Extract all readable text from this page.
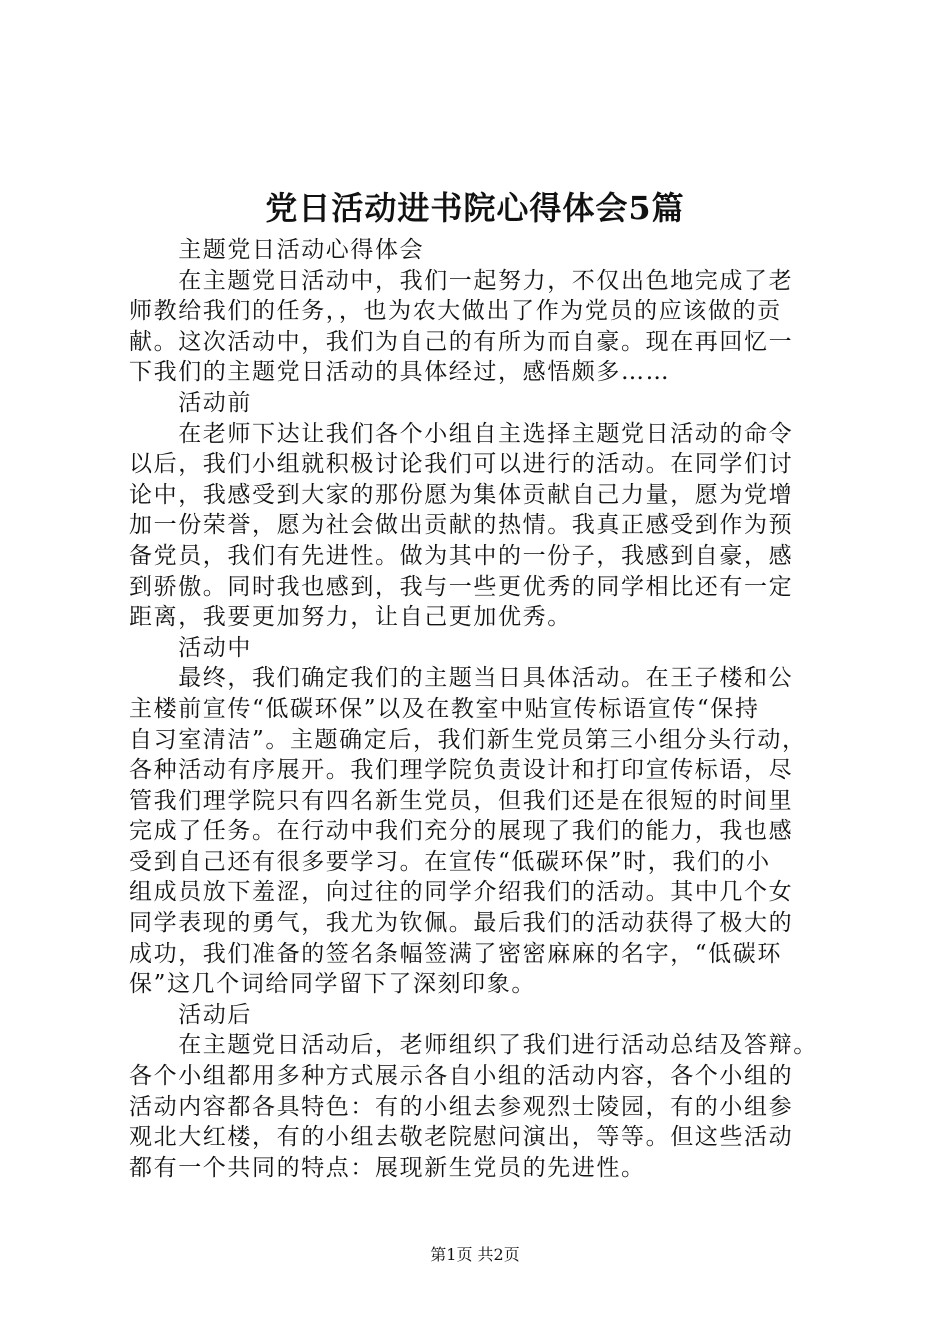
党日活动进书院心得体会5篇
　　主题党日活动心得体会
　　在主题党日活动中，我们一起努力，不仅出色地完成了老
师教给我们的任务，，也为农大做出了作为党员的应该做的贡
献。这次活动中，我们为自己的有所为而自豪。现在再回忆一
下我们的主题党日活动的具体经过，感悟颇多……
　　活动前
　　在老师下达让我们各个小组自主选择主题党日活动的命令
以后，我们小组就积极讨论我们可以进行的活动。在同学们讨
论中，我感受到大家的那份愿为集体贡献自己力量，愿为党增
加一份荣誉，愿为社会做出贡献的热情。我真正感受到作为预
备党员，我们有先进性。做为其中的一份子，我感到自豪，感
到骄傲。同时我也感到，我与一些更优秀的同学相比还有一定
距离，我要更加努力，让自己更加优秀。
　　活动中
　　最终，我们确定我们的主题当日具体活动。在王子楼和公
主楼前宣传“低碳环保”以及在教室中贴宣传标语宣传“保持
自习室清洁”。主题确定后，我们新生党员第三小组分头行动，
各种活动有序展开。我们理学院负责设计和打印宣传标语，尽
管我们理学院只有四名新生党员，但我们还是在很短的时间里
完成了任务。在行动中我们充分的展现了我们的能力，我也感
受到自己还有很多要学习。在宣传“低碳环保”时，我们的小
组成员放下羞涩，向过往的同学介绍我们的活动。其中几个女
同学表现的勇气，我尤为钦佩。最后我们的活动获得了极大的
成功，我们准备的签名条幅签满了密密麻麻的名字，“低碳环
保”这几个词给同学留下了深刻印象。
　　活动后
　　在主题党日活动后，老师组织了我们进行活动总结及答辩。
各个小组都用多种方式展示各自小组的活动内容，各个小组的
活动内容都各具特色：有的小组去参观烈士陵园，有的小组参
观北大红楼，有的小组去敬老院慰问演出，等等。但这些活动
都有一个共同的特点：展现新生党员的先进性。
第1页 共2页
